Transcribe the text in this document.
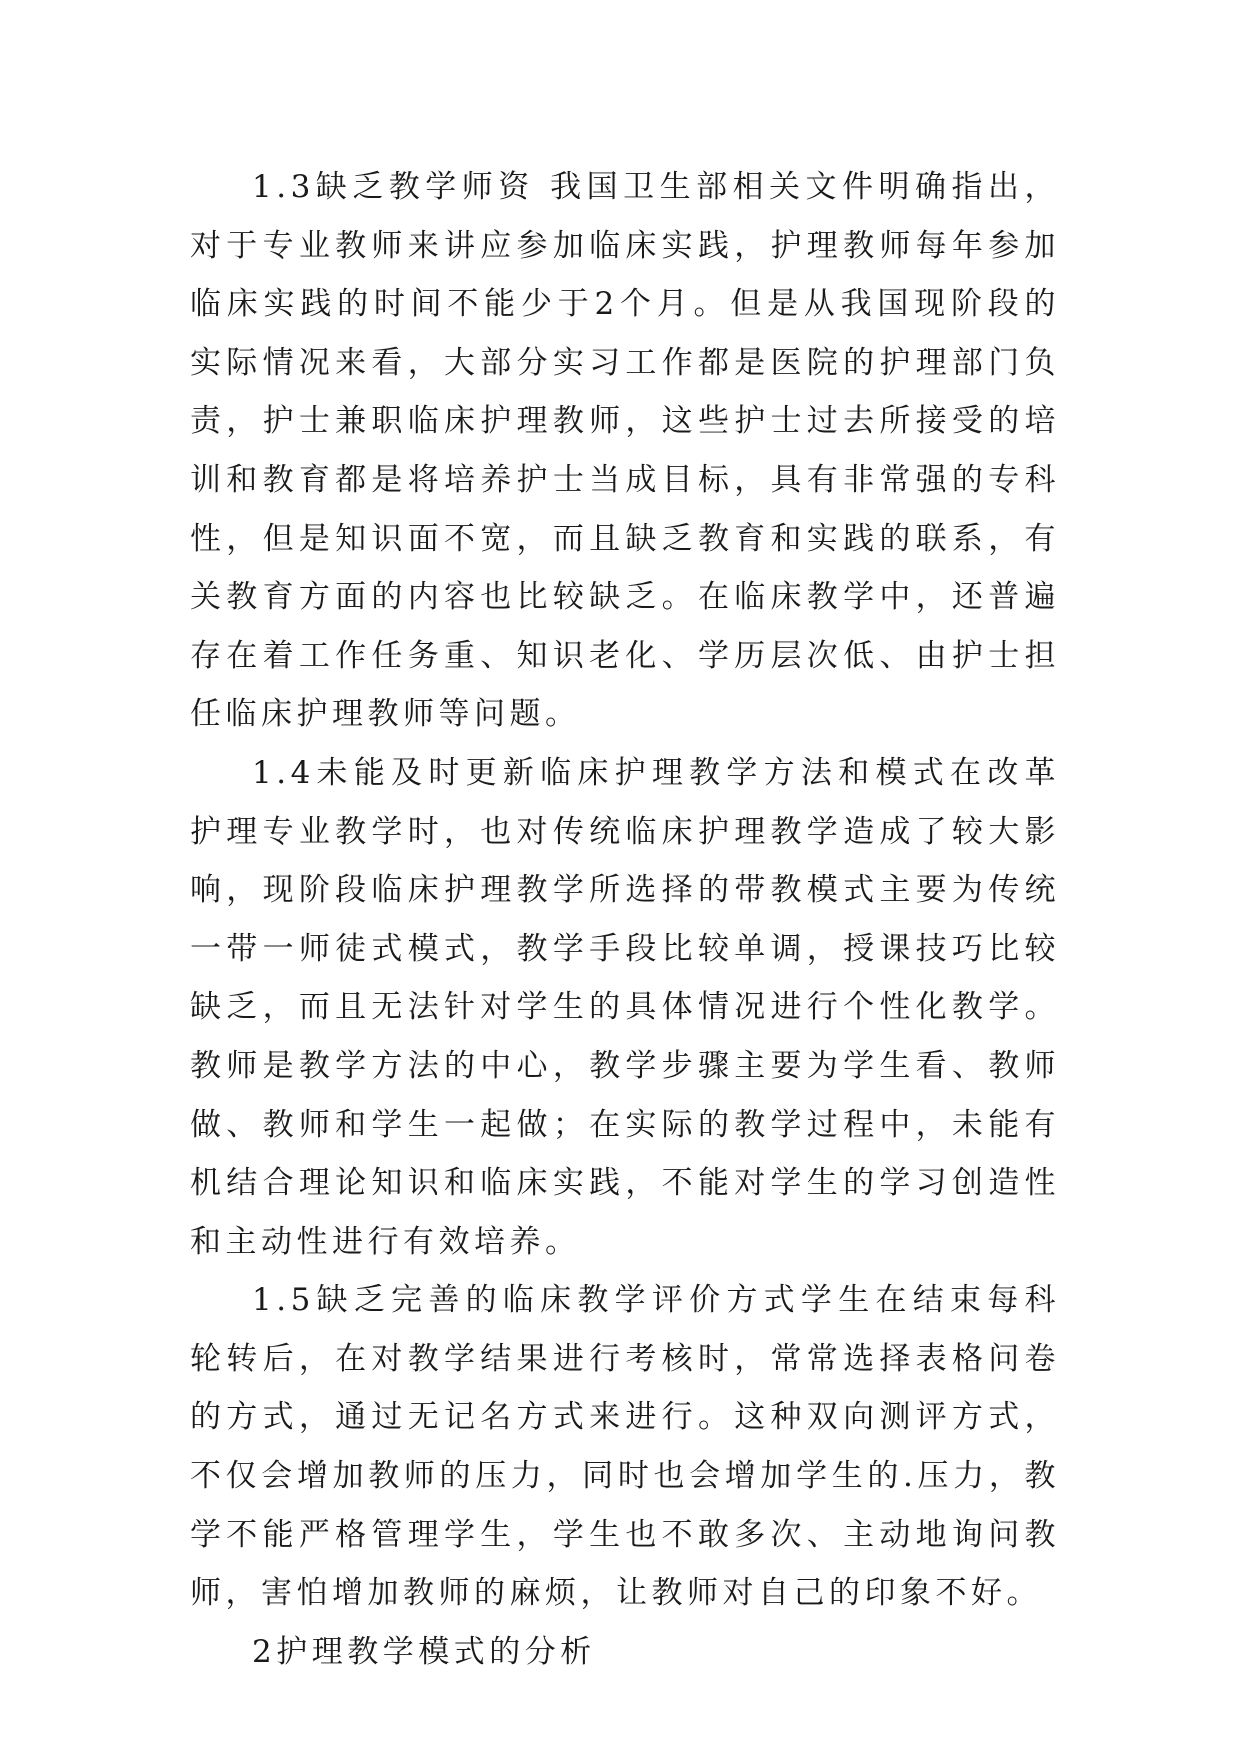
1.3缺乏教学师资 我国卫生部相关文件明确指出，对于专业教师来讲应参加临床实践，护理教师每年参加临床实践的时间不能少于2个月。但是从我国现阶段的实际情况来看，大部分实习工作都是医院的护理部门负责，护士兼职临床护理教师，这些护士过去所接受的培训和教育都是将培养护士当成目标，具有非常强的专科性，但是知识面不宽，而且缺乏教育和实践的联系，有关教育方面的内容也比较缺乏。在临床教学中，还普遍存在着工作任务重、知识老化、学历层次低、由护士担任临床护理教师等问题。

1.4未能及时更新临床护理教学方法和模式在改革护理专业教学时，也对传统临床护理教学造成了较大影响，现阶段临床护理教学所选择的带教模式主要为传统一带一师徒式模式，教学手段比较单调，授课技巧比较缺乏，而且无法针对学生的具体情况进行个性化教学。教师是教学方法的中心，教学步骤主要为学生看、教师做、教师和学生一起做；在实际的教学过程中，未能有机结合理论知识和临床实践，不能对学生的学习创造性和主动性进行有效培养。

1.5缺乏完善的临床教学评价方式学生在结束每科轮转后，在对教学结果进行考核时，常常选择表格问卷的方式，通过无记名方式来进行。这种双向测评方式，不仅会增加教师的压力，同时也会增加学生的.压力，教学不能严格管理学生，学生也不敢多次、主动地询问教师，害怕增加教师的麻烦，让教师对自己的印象不好。

2护理教学模式的分析
